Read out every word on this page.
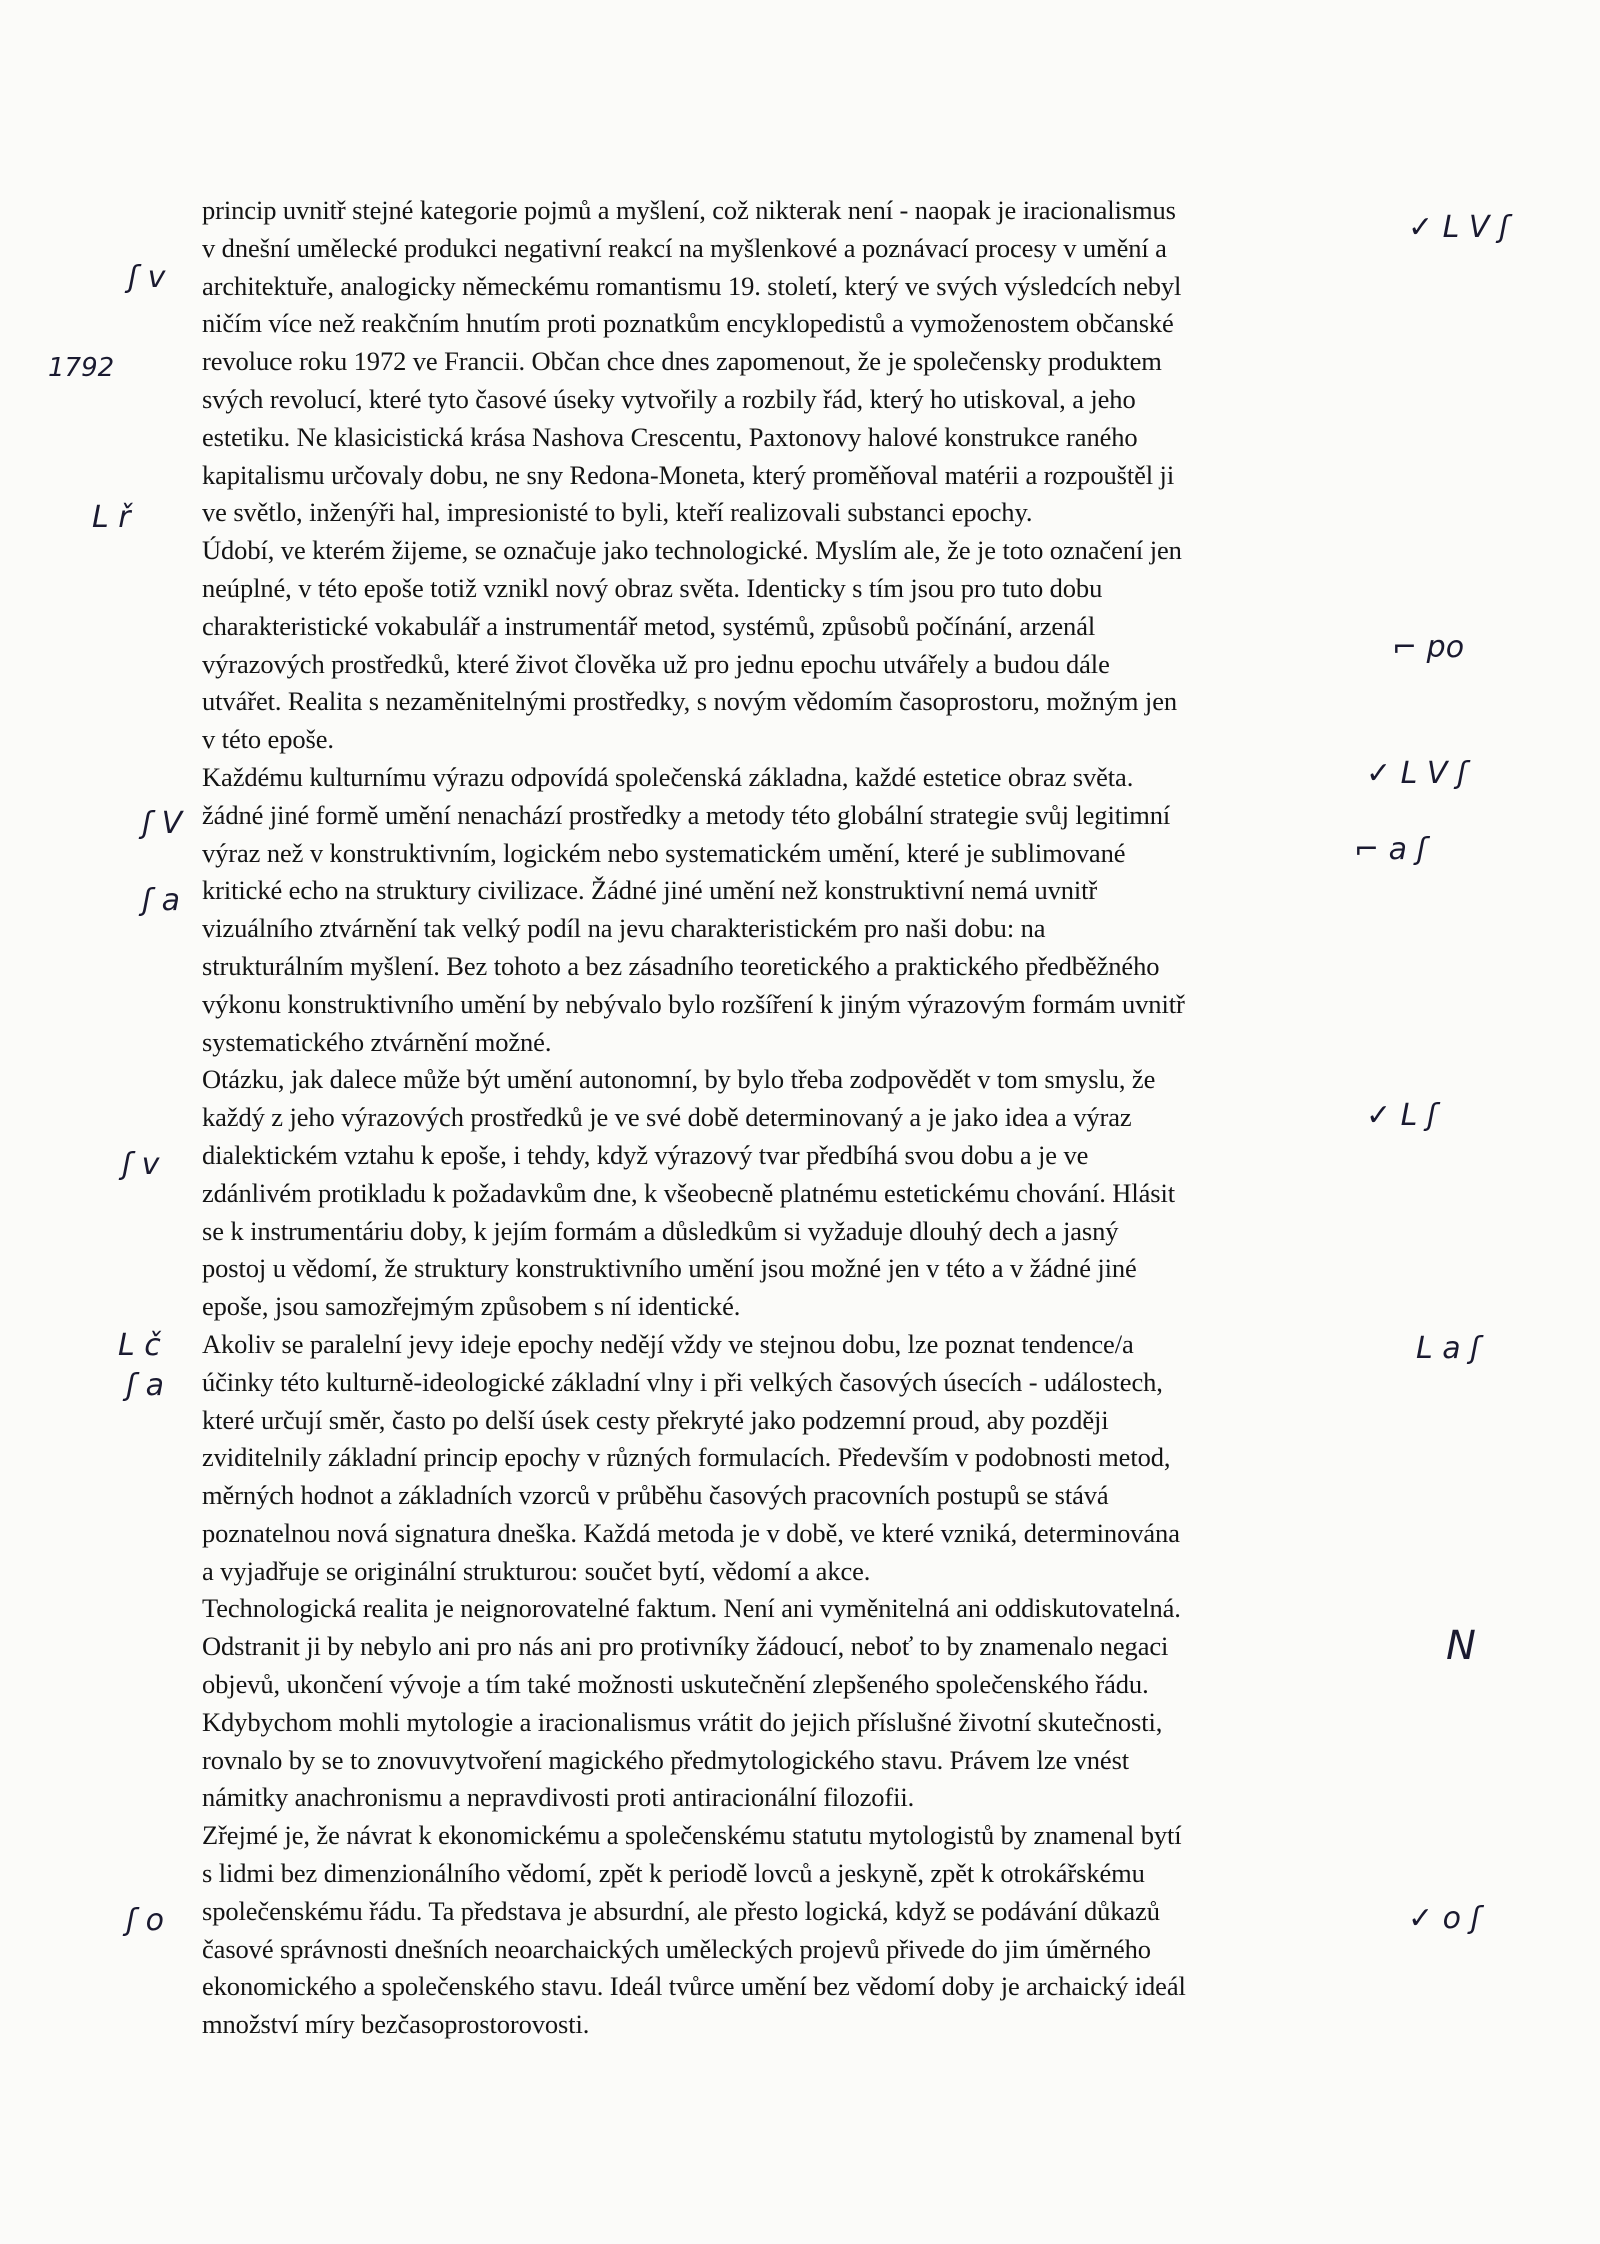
princip uvnitř stejné kategorie pojmů a myšlení, což nikterak není - naopak je iracionalismus
v dnešní umělecké produkci negativní reakcí na myšlenkové a poznávací procesy v umění a
architektuře, analogicky německému romantismu 19. století, který ve svých výsledcích nebyl
ničím více než reakčním hnutím proti poznatkům encyklopedistů a vymoženostem občanské
revoluce roku 1972 ve Francii. Občan chce dnes zapomenout, že je společensky produktem
svých revolucí, které tyto časové úseky vytvořily a rozbily řád, který ho utiskoval, a jeho
estetiku. Ne klasicistická krása Nashova Crescentu, Paxtonovy halové konstrukce raného
kapitalismu určovaly dobu, ne sny Redona-Moneta, který proměňoval matérii a rozpouštěl ji
ve světlo, inženýři hal, impresionisté to byli, kteří realizovali substanci epochy.
Údobí, ve kterém žijeme, se označuje jako technologické. Myslím ale, že je toto označení jen
neúplné, v této epoše totiž vznikl nový obraz světa. Identicky s tím jsou pro tuto dobu
charakteristické vokabulář a instrumentář metod, systémů, způsobů počínání, arzenál
výrazových prostředků, které život člověka už pro jednu epochu utvářely a budou dále
utvářet. Realita s nezaměnitelnými prostředky, s novým vědomím časoprostoru, možným jen
v této epoše.
Každému kulturnímu výrazu odpovídá společenská základna, každé estetice obraz světa.
žádné jiné formě umění nenachází prostředky a metody této globální strategie svůj legitimní
výraz než v konstruktivním, logickém nebo systematickém umění, které je sublimované
kritické echo na struktury civilizace. Žádné jiné umění než konstruktivní nemá uvnitř
vizuálního ztvárnění tak velký podíl na jevu charakteristickém pro naši dobu: na
strukturálním myšlení. Bez tohoto a bez zásadního teoretického a praktického předběžného
výkonu konstruktivního umění by nebývalo bylo rozšíření k jiným výrazovým formám uvnitř
systematického ztvárnění možné.
Otázku, jak dalece může být umění autonomní, by bylo třeba zodpovědět v tom smyslu, že
každý z jeho výrazových prostředků je ve své době determinovaný a je jako idea a výraz
dialektickém vztahu k epoše, i tehdy, když výrazový tvar předbíhá svou dobu a je ve
zdánlivém protikladu k požadavkům dne, k všeobecně platnému estetickému chování. Hlásit
se k instrumentáriu doby, k jejím formám a důsledkům si vyžaduje dlouhý dech a jasný
postoj u vědomí, že struktury konstruktivního umění jsou možné jen v této a v žádné jiné
epoše, jsou samozřejmým způsobem s ní identické.
Akoliv se paralelní jevy ideje epochy nedějí vždy ve stejnou dobu, lze poznat tendence/a
účinky této kulturně-ideologické základní vlny i při velkých časových úsecích - událostech,
které určují směr, často po delší úsek cesty překryté jako podzemní proud, aby později
zviditelnily základní princip epochy v různých formulacích. Především v podobnosti metod,
měrných hodnot a základních vzorců v průběhu časových pracovních postupů se stává
poznatelnou nová signatura dneška. Každá metoda je v době, ve které vzniká, determinována
a vyjadřuje se originální strukturou: součet bytí, vědomí a akce.
Technologická realita je neignorovatelné faktum. Není ani vyměnitelná ani oddiskutovatelná.
Odstranit ji by nebylo ani pro nás ani pro protivníky žádoucí, neboť to by znamenalo negaci
objevů, ukončení vývoje a tím také možnosti uskutečnění zlepšeného společenského řádu.
Kdybychom mohli mytologie a iracionalismus vrátit do jejich příslušné životní skutečnosti,
rovnalo by se to znovuvytvoření magického předmytologického stavu. Právem lze vnést
námitky anachronismu a nepravdivosti proti antiracionální filozofii.
Zřejmé je, že návrat k ekonomickému a společenskému statutu mytologistů by znamenal bytí
s lidmi bez dimenzionálního vědomí, zpět k periodě lovců a jeskyně, zpět k otrokářskému
společenskému řádu. Ta představa je absurdní, ale přesto logická, když se podávání důkazů
časové správnosti dnešních neoarchaických uměleckých projevů přivede do jim úměrného
ekonomického a společenského stavu. Ideál tvůrce umění bez vědomí doby je archaický ideál
množství míry bezčasoprostorovosti.
ʃ v
1792
L ř
ʃ V
ʃ a
ʃ v
L č
ʃ a
ʃ o
✓ L V ʃ
⌐ po
✓ L V ʃ
⌐ a ʃ
✓ L ʃ
L a ʃ
N
✓ o ʃ
